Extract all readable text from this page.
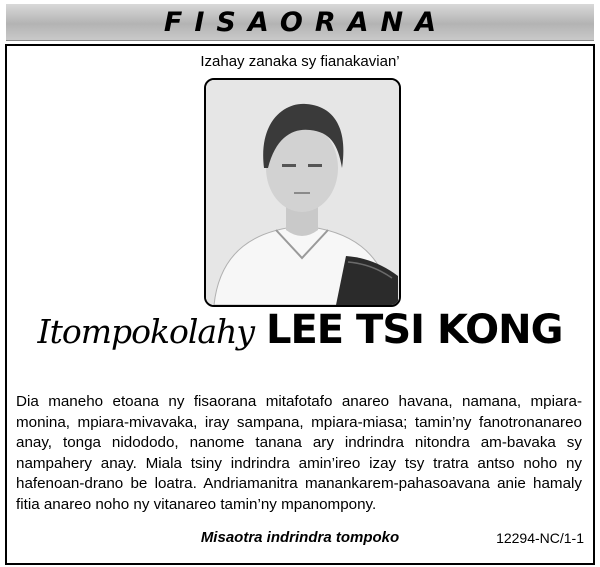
FISAORANA
Izahay zanaka sy fianakavian’
Itompokolahy LEE TSI KONG
Dia maneho etoana ny fisaorana mitafotafo anareo havana, namana, mpiara-monina, mpiara-mivavaka, iray sampana, mpiara-miasa; tamin’ny fanotronanareo anay, tonga nidododo, nanome tanana ary indrindra nitondra am-bavaka sy nampahery anay. Miala tsiny indrindra amin’ireo izay tsy tratra antso noho ny hafenoan-drano be loatra. Andriamanitra manankarem-pahasoavana anie hamaly fitia anareo noho ny vitanareo tamin’ny mpanompony.
Misaotra indrindra tompoko	12294-NC/1-1
